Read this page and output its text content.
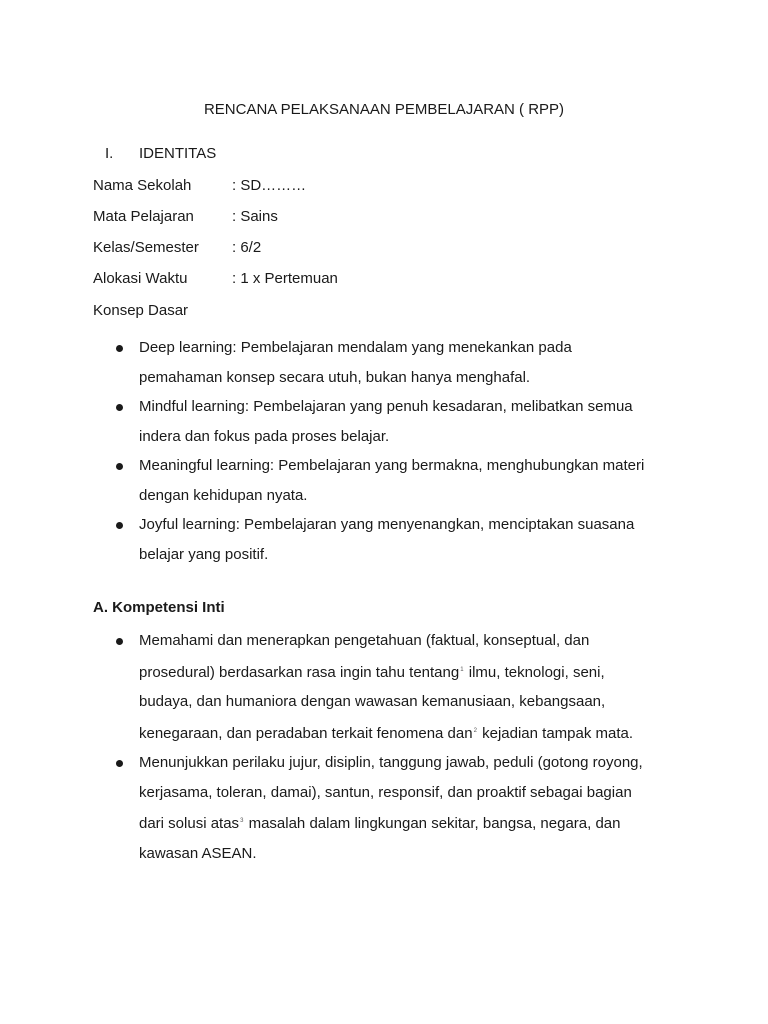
RENCANA PELAKSANAAN PEMBELAJARAN ( RPP)
I. IDENTITAS
Nama Sekolah	: SD………
Mata Pelajaran	: Sains
Kelas/Semester : 6/2
Alokasi Waktu	: 1 x Pertemuan
Konsep Dasar
Deep learning: Pembelajaran mendalam yang menekankan pada
pemahaman konsep secara utuh, bukan hanya menghafal.
Mindful learning: Pembelajaran yang penuh kesadaran, melibatkan semua
indera dan fokus pada proses belajar.
Meaningful learning: Pembelajaran yang bermakna, menghubungkan materi
dengan kehidupan nyata.
Joyful learning: Pembelajaran yang menyenangkan, menciptakan suasana
belajar yang positif.
A. Kompetensi Inti
Memahami dan menerapkan pengetahuan (faktual, konseptual, dan
prosedural) berdasarkan rasa ingin tahu tentang$^1$ ilmu, teknologi, seni,
budaya, dan humaniora dengan wawasan kemanusiaan, kebangsaan,
kenegaraan, dan peradaban terkait fenomena dan$^2$ kejadian tampak mata.
Menunjukkan perilaku jujur, disiplin, tanggung jawab, peduli (gotong royong,
kerjasama, toleran, damai), santun, responsif, dan proaktif sebagai bagian
dari solusi atas$^3$ masalah dalam lingkungan sekitar, bangsa, negara, dan
kawasan ASEAN.
